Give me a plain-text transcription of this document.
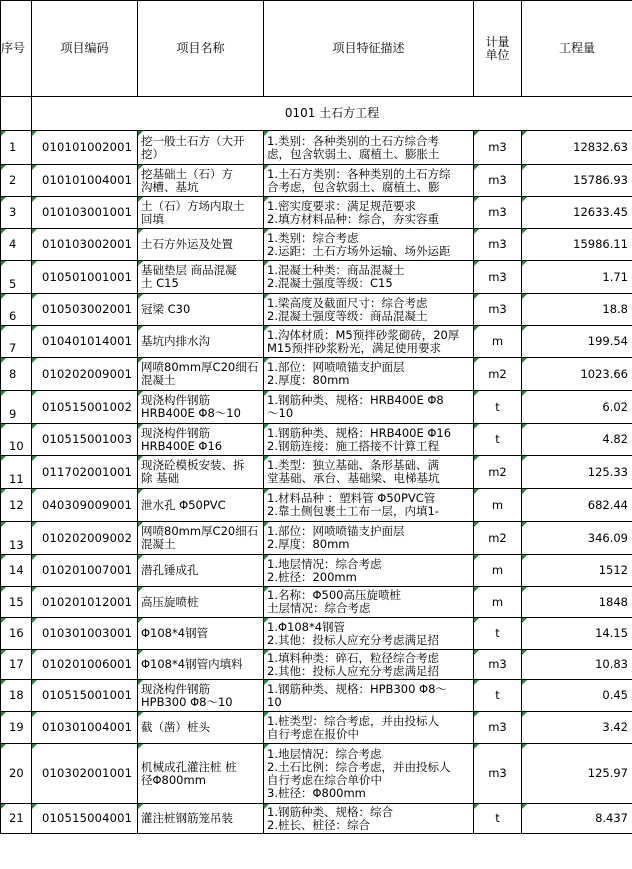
序号	项目编码	项目名称	项目特征描述	计量
单位	工程量
	0101 土石方工程				
1	010101002001	挖一般土石方（大开
挖）	1.类别：各种类别的土石方综合考
虑，包含软弱土、腐植土、膨胀土	m3	12832.63

2	010101004001	挖基础土（石）方
沟槽、基坑	1.土石方类别：各种类别的土石方综
合考虑，包含软弱土、腐植土、膨	m3	15786.93

3	010103001001	土（石）方场内取土
回填	1.密实度要求：满足规范要求
2.填方材料品种：综合，夯实容重	m3	12633.45

4	010103002001	土石方外运及处置	1.类别：综合考虑
2.运距：土石方场外运输、场外运距	m3	15986.11

5	010501001001	基础垫层 商品混凝
土 C15	1.混凝土种类：商品混凝土
2.混凝土强度等级：C15	m3	1.71

6	010503002001	冠梁 C30	1.梁高度及截面尺寸：综合考虑
2.混凝土强度等级：商品混凝土	m3	18.8

7	010401014001	基坑内排水沟	1.沟体材质：M5预拌砂浆砌砖，20厚
M15预拌砂浆粉光，满足使用要求	m	199.54

8	010202009001	网喷80mm厚C20细石
混凝土	1.部位：网喷喷锚支护面层
2.厚度：80mm	m2	1023.66

9	010515001002	现浇构件钢筋
HRB400E Φ8～10	1.钢筋种类、规格：HRB400E Φ8
～10	t	6.02

10	010515001003	现浇构件钢筋
HRB400E Φ16	1.钢筋种类、规格：HRB400E Φ16
2.钢筋连接：施工搭接不计算工程	t	4.82

11	011702001001	现浇砼模板安装、拆
除 基础	1.类型：独立基础、条形基础、满
堂基础、承台、基础梁、电梯基坑	m2	125.33

12	040309009001	泄水孔 Φ50PVC	1.材料品种 ：塑料管 Φ50PVC管
2.靠土侧包裹土工布一层，内填1-	m	682.44

13	010202009002	网喷80mm厚C20细石
混凝土	1.部位：网喷喷锚支护面层
2.厚度：80mm	m2	346.09

14	010201007001	潜孔锤成孔	1.地层情况：综合考虑
2.桩径：200mm	m	1512

15	010201012001	高压旋喷桩	1.名称：Φ500高压旋喷桩
土层情况：综合考虑	m	1848

16	010301003001	Φ108*4钢管	1.Φ108*4钢管
2.其他：投标人应充分考虑满足招	t	14.15

17	010201006001	Φ108*4钢管内填料	1.填料种类：碎石，粒径综合考虑
2.其他：投标人应充分考虑满足招	m3	10.83

18	010515001001	现浇构件钢筋
HPB300 Φ8～10	1.钢筋种类、规格：HPB300 Φ8～
10	t	0.45

19	010301004001	截（凿）桩头	1.桩类型：综合考虑，并由投标人
自行考虑在报价中	m3	3.42

20	010302001001	机械成孔灌注桩 桩
径Φ800mm	1.地层情况：综合考虑
2.土石比例：综合考虑，并由投标人
自行考虑在综合单价中
3.桩径：Φ800mm	m3	125.97

21	010515004001	灌注桩钢筋笼吊装	1.钢筋种类、规格：综合
2.桩长、桩径：综合	t	8.437
